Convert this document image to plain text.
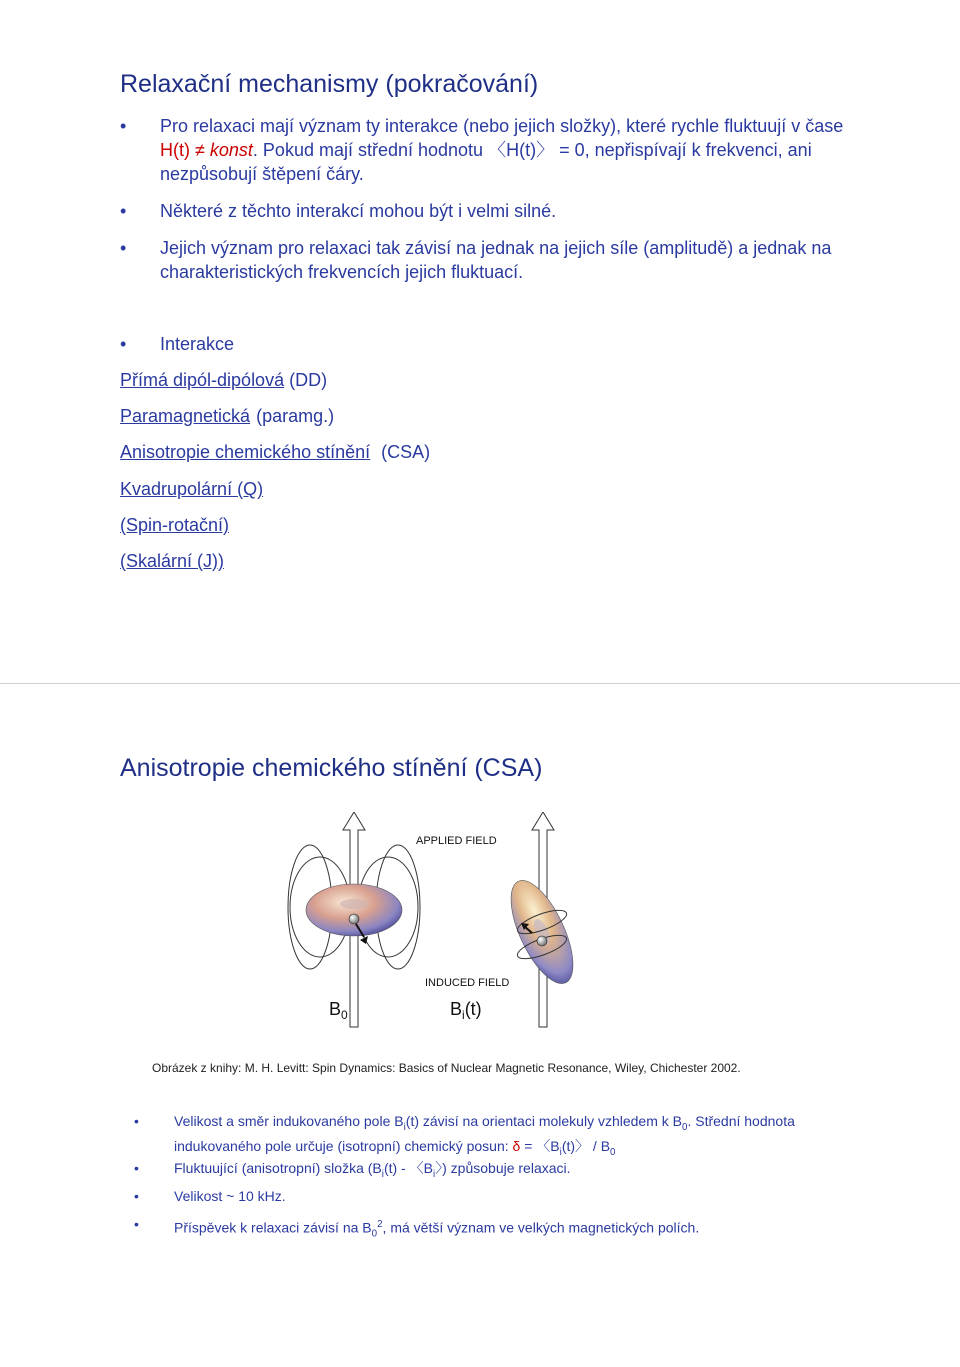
Relaxační mechanismy (pokračování)
• Pro relaxaci mají význam ty interakce (nebo jejich složky), které rychle fluktuují v čase H(t) ≠ konst. Pokud mají střední hodnotu 〈H(t)〉 = 0, nepřispívají k frekvenci, ani nezpůsobují štěpení čáry.
• Některé z těchto interakcí mohou být i velmi silné.
• Jejich význam pro relaxaci tak závisí na jednak na jejich síle (amplitudě) a jednak na charakteristických frekvencích jejich fluktuací.
• Interakce
Přímá dipól-dipólová (DD)
Paramagnetická (paramg.)
Anisotropie chemického stínění (CSA)
Kvadrupolární (Q)
(Spin-rotační)
(Skalární (J))
Anisotropie chemického stínění (CSA)
APPLIED FIELD
INDUCED FIELD
$B_0$	$B_i(t)$
Obrázek z knihy: M. H. Levitt: Spin Dynamics: Basics of Nuclear Magnetic Resonance, Wiley, Chichester 2002.
•	Velikost a směr indukovaného pole $B_i(t)$ závisí na orientaci molekuly vzhledem k $B_0$. Střední hodnota indukovaného pole určuje (isotropní) chemický posun: δ = 〈$B_i(t)$〉 / $B_0$
•	Fluktuující (anisotropní) složka ($B_i(t)$ - 〈$B_i$〉) způsobuje relaxaci.
•	Velikost ~ 10 kHz.
•	Příspěvek k relaxaci závisí na $B_0^2$, má větší význam ve velkých magnetických polích.
